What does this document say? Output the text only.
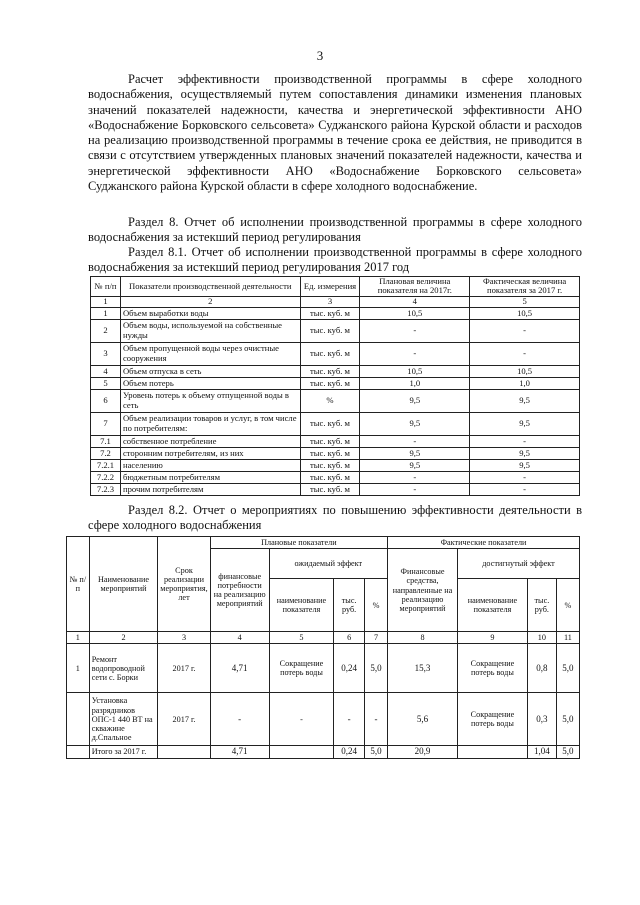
3
Расчет эффективности производственной программы в сфере холодного водоснабжения, осуществляемый путем сопоставления динамики изменения плановых значений показателей надежности, качества и энергетической эффективности АНО «Водоснабжение Борковского сельсовета» Суджанского района Курской области и расходов на реализацию производственной программы в течение срока ее действия, не приводится в связи с отсутствием утвержденных плановых значений показателей надежности, качества и энергетической эффективности АНО «Водоснабжение Борковского сельсовета» Суджанского района Курской области в сфере холодного водоснабжение.
Раздел 8. Отчет об исполнении производственной программы в сфере холодного водоснабжения за истекший период регулирования
Раздел 8.1. Отчет об исполнении производственной программы в сфере холодного водоснабжения за истекший период регулирования 2017 год
№ п/п	Показатели производственной деятельности	Ед. измерения	Плановая величина показателя на 2017г.	Фактическая величина показателя за 2017 г.
1	2	3	4	5
1	Объем выработки воды	тыс. куб. м	10,5	10,5
2	Объем воды, используемой на собственные нужды	тыс. куб. м	-	-
3	Объем пропущенной воды через очистные сооружения	тыс. куб. м	-	-
4	Объем отпуска в сеть	тыс. куб. м	10,5	10,5
5	Объем потерь	тыс. куб. м	1,0	1,0
6	Уровень потерь к объему отпущенной воды в сеть	%	9,5	9,5
7	Объем реализации товаров и услуг, в том числе по потребителям:	тыс. куб. м	9,5	9,5
7.1	собственное потребление	тыс. куб. м	-	-
7.2	сторонним потребителям, из них	тыс. куб. м	9,5	9,5
7.2.1	населению	тыс. куб. м	9,5	9,5
7.2.2	бюджетным потребителям	тыс. куб. м	-	-
7.2.3	прочим потребителям	тыс. куб. м	-	-
Раздел 8.2. Отчет о мероприятиях по повышению эффективности деятельности в сфере холодного водоснабжения
№ п/ п	Наименование мероприятий	Срок реализации мероприятия, лет	Плановые показатели				Фактические показатели			
			финансовые потребности на реализацию мероприятий	ожидаемый эффект			Финансовые средства, направленные на реализацию мероприятий	достигнутый эффект		
				наименование показателя	тыс. руб.	%		наименование показателя	тыс. руб.	%
1	2	3	4	5	6	7	8	9	10	11
1	Ремонт водопроводной сети с. Борки	2017 г.	4,71	Сокращение потерь воды	0,24	5,0	15,3	Сокращение потерь воды	0,8	5,0
	Установка разрядников ОПС-1 440 ВТ на скважине д.Спальное	2017 г.	-	-	-	-	5,6	Сокращение потерь воды	0,3	5,0
	Итого за 2017 г.		4,71		0,24	5,0	20,9		1,04	5,0
